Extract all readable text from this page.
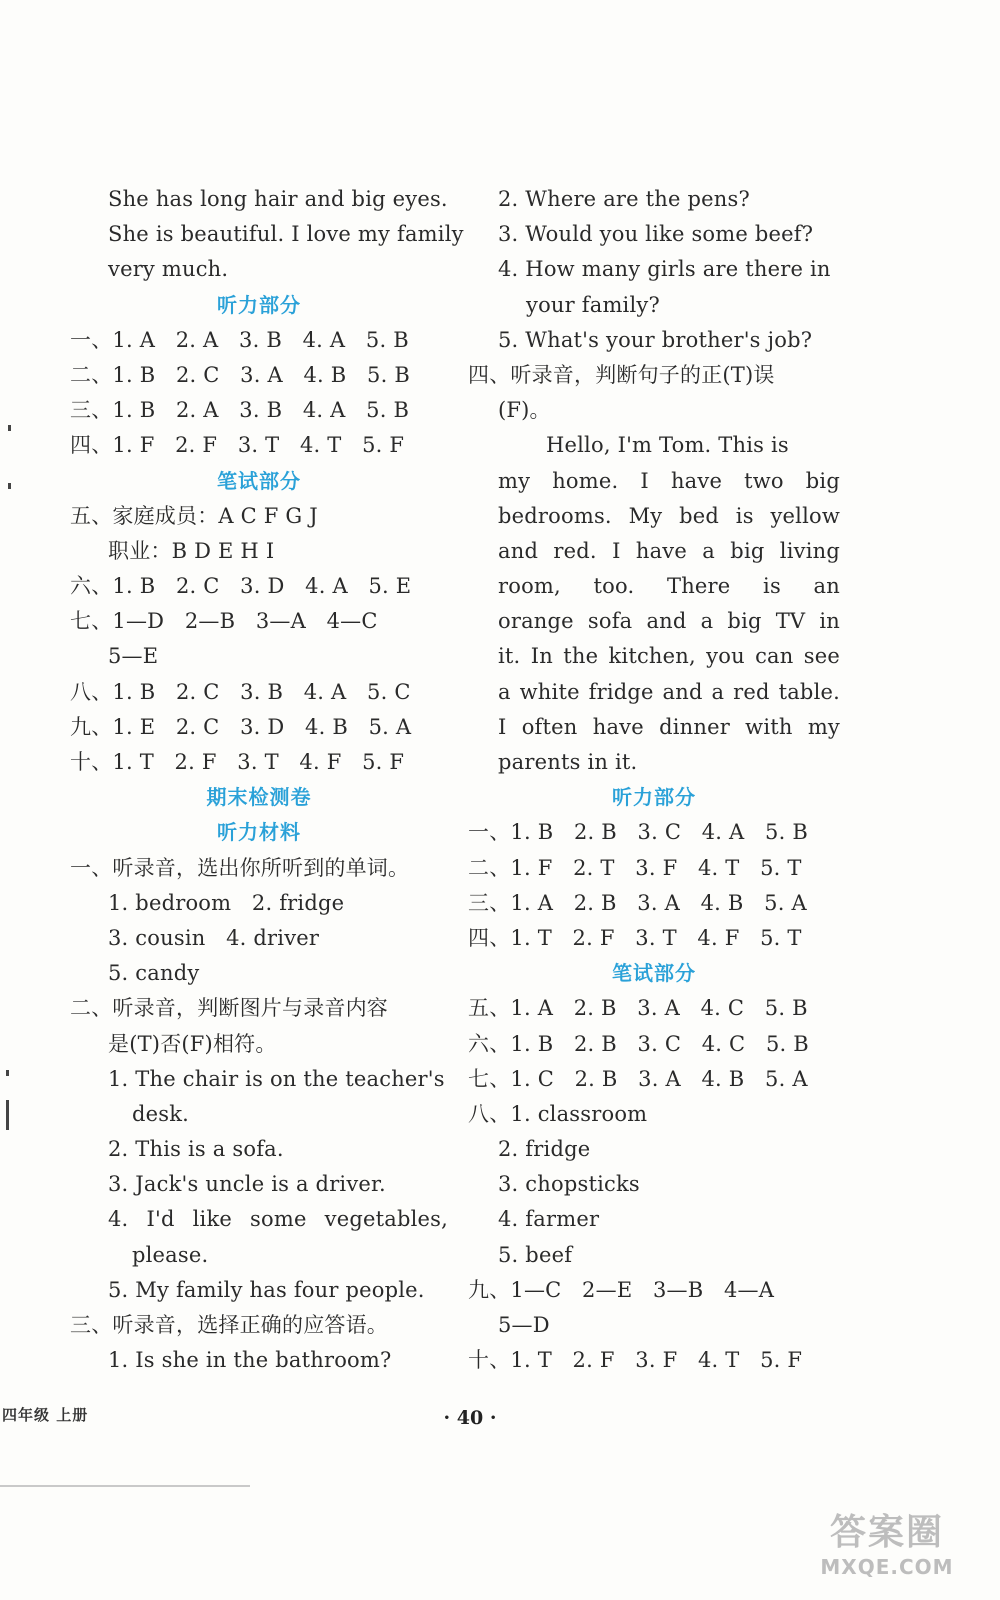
She has long hair and big eyes.
She is beautiful. I love my family
very much.
听力部分
一、1. A   2. A   3. B   4. A   5. B
二、1. B   2. C   3. A   4. B   5. B
三、1. B   2. A   3. B   4. A   5. B
四、1. F   2. F   3. T   4. T   5. F
笔试部分
五、家庭成员：A C F G J
职业：B D E H I
六、1. B   2. C   3. D   4. A   5. E
七、1—D   2—B   3—A   4—C
5—E
八、1. B   2. C   3. B   4. A   5. C
九、1. E   2. C   3. D   4. B   5. A
十、1. T   2. F   3. T   4. F   5. F
期末检测卷
听力材料
一、听录音，选出你所听到的单词。
1. bedroom   2. fridge
3. cousin   4. driver
5. candy
二、听录音，判断图片与录音内容
是(T)否(F)相符。
1. The chair is on the teacher's
desk.
2. This is a sofa.
3. Jack's uncle is a driver.
4. I'd like some vegetables,
please.
5. My family has four people.
三、听录音，选择正确的应答语。
1. Is she in the bathroom?
2. Where are the pens?
3. Would you like some beef?
4. How many girls are there in
your family?
5. What's your brother's job?
四、听录音，判断句子的正(T)误
(F)。
Hello, I'm Tom. This is
my home. I have two big
bedrooms. My bed is yellow
and red. I have a big living
room, too. There is an
orange sofa and a big TV in
it. In the kitchen, you can see
a white fridge and a red table.
I often have dinner with my
parents in it.
听力部分
一、1. B   2. B   3. C   4. A   5. B
二、1. F   2. T   3. F   4. T   5. T
三、1. A   2. B   3. A   4. B   5. A
四、1. T   2. F   3. T   4. F   5. T
笔试部分
五、1. A   2. B   3. A   4. C   5. B
六、1. B   2. B   3. C   4. C   5. B
七、1. C   2. B   3. A   4. B   5. A
八、1. classroom
2. fridge
3. chopsticks
4. farmer
5. beef
九、1—C   2—E   3—B   4—A
5—D
十、1. T   2. F   3. F   4. T   5. F
四年级 上册	· 40 ·
答案圈
MXQE.COM
